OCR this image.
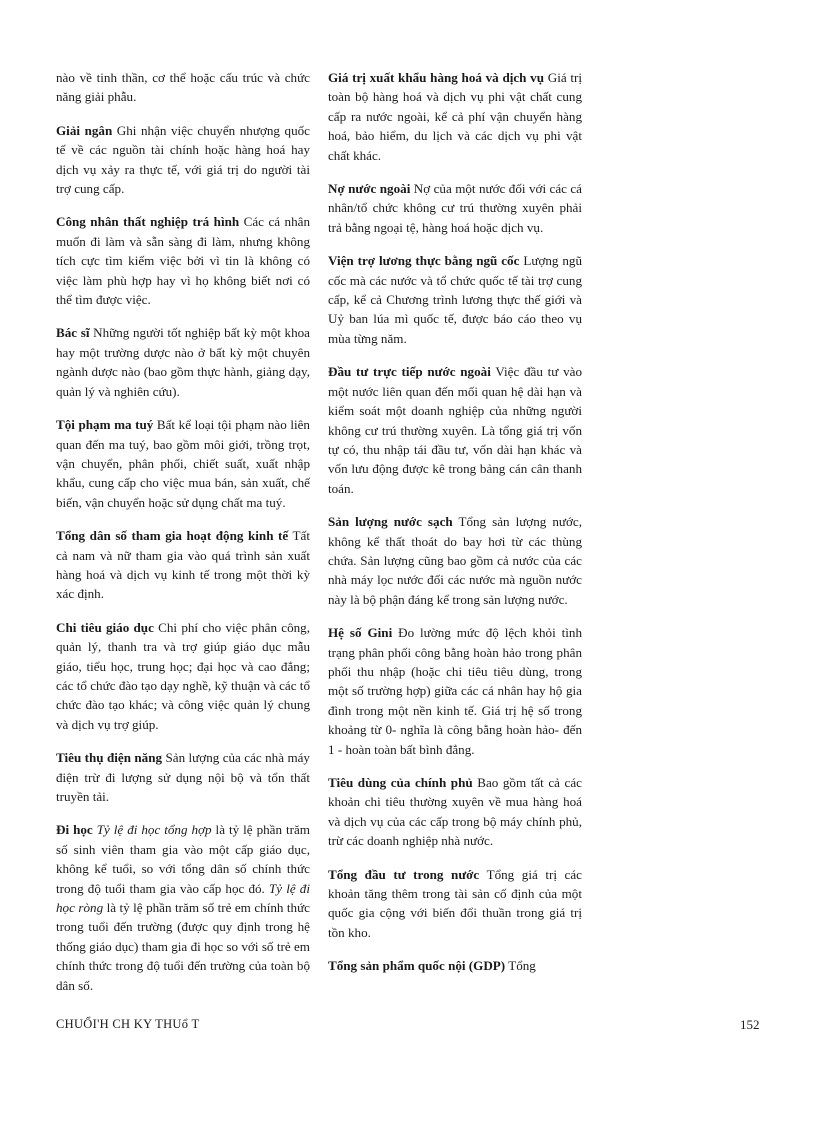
nào về tinh thần, cơ thể hoặc cấu trúc và chức năng giải phẫu.

Giải ngân Ghi nhận việc chuyển nhượng quốc tế về các nguồn tài chính hoặc hàng hoá hay dịch vụ xảy ra thực tế, với giá trị do người tài trợ cung cấp.

Công nhân thất nghiệp trá hình Các cá nhân muốn đi làm và sẵn sàng đi làm, nhưng không tích cực tìm kiếm việc bởi vì tin là không có việc làm phù hợp hay vì họ không biết nơi có thể tìm được việc.

Bác sĩ Những người tốt nghiệp bất kỳ một khoa hay một trường dược nào ở bất kỳ một chuyên ngành dược nào (bao gồm thực hành, giảng dạy, quản lý và nghiên cứu).

Tội phạm ma tuý Bất kể loại tội phạm nào liên quan đến ma tuý, bao gồm môi giới, trồng trọt, vận chuyển, phân phối, chiết suất, xuất nhập khẩu, cung cấp cho việc mua bán, sản xuất, chế biến, vận chuyển hoặc sử dụng chất ma tuý.

Tổng dân số tham gia hoạt động kinh tế Tất cả nam và nữ tham gia vào quá trình sản xuất hàng hoá và dịch vụ kinh tế trong một thời kỳ xác định.

Chi tiêu giáo dục Chi phí cho việc phân công, quản lý, thanh tra và trợ giúp giáo dục mẫu giáo, tiểu học, trung học; đại học và cao đẳng; các tổ chức đào tạo dạy nghề, kỹ thuận và các tổ chức đào tạo khác; và công việc quản lý chung và dịch vụ trợ giúp.

Tiêu thụ điện năng Sản lượng của các nhà máy điện trừ đi lượng sử dụng nội bộ và tổn thất truyền tải.

Đi học Tỷ lệ đi học tổng hợp là tỷ lệ phần trăm số sinh viên tham gia vào một cấp giáo dục, không kể tuổi, so với tổng dân số chính thức trong độ tuổi tham gia vào cấp học đó. Tỷ lệ đi học ròng là tỷ lệ phần trăm số trẻ em chính thức trong tuổi đến trường (được quy định trong hệ thống giáo dục) tham gia đi học so với số trẻ em chính thức trong độ tuổi đến trường của toàn bộ dân số.

Giá trị xuất khẩu hàng hoá và dịch vụ Giá trị toàn bộ hàng hoá và dịch vụ phi vật chất cung cấp ra nước ngoài, kể cả phí vận chuyển hàng hoá, bảo hiểm, du lịch và các dịch vụ phi vật chất khác.

Nợ nước ngoài Nợ của một nước đối với các cá nhân/tổ chức không cư trú thường xuyên phải trả bằng ngoại tệ, hàng hoá hoặc dịch vụ.

Viện trợ lương thực bằng ngũ cốc Lượng ngũ cốc mà các nước và tổ chức quốc tế tài trợ cung cấp, kể cả Chương trình lương thực thế giới và Uỷ ban lúa mì quốc tế, được báo cáo theo vụ mùa từng năm.

Đầu tư trực tiếp nước ngoài Việc đầu tư vào một nước liên quan đến mối quan hệ dài hạn và kiểm soát một doanh nghiệp của những người không cư trú thường xuyên. Là tổng giá trị vốn tự có, thu nhập tái đầu tư, vốn dài hạn khác và vốn lưu động được kê trong bảng cán cân thanh toán.

Sản lượng nước sạch Tổng sản lượng nước, không kể thất thoát do bay hơi từ các thùng chứa. Sản lượng cũng bao gồm cả nước của các nhà máy lọc nước đối các nước mà nguồn nước này là bộ phận đáng kể trong sản lượng nước.

Hệ số Gini Đo lường mức độ lệch khỏi tình trạng phân phối công bằng hoàn hảo trong phân phối thu nhập (hoặc chi tiêu tiêu dùng, trong một số trường hợp) giữa các cá nhân hay hộ gia đình trong một nền kinh tế. Giá trị hệ số trong khoảng từ 0- nghĩa là công bằng hoàn hảo- đến 1 - hoàn toàn bất bình đẳng.

Tiêu dùng của chính phủ Bao gồm tất cả các khoản chi tiêu thường xuyên về mua hàng hoá và dịch vụ của các cấp trong bộ máy chính phủ, trừ các doanh nghiệp nhà nước.

Tổng đầu tư trong nước Tổng giá trị các khoản tăng thêm trong tài sản cố định của một quốc gia cộng với biến đổi thuần trong giá trị tồn kho.

Tổng sản phẩm quốc nội (GDP) Tổng

CHUỔI'H CH KY THUổ T	152
